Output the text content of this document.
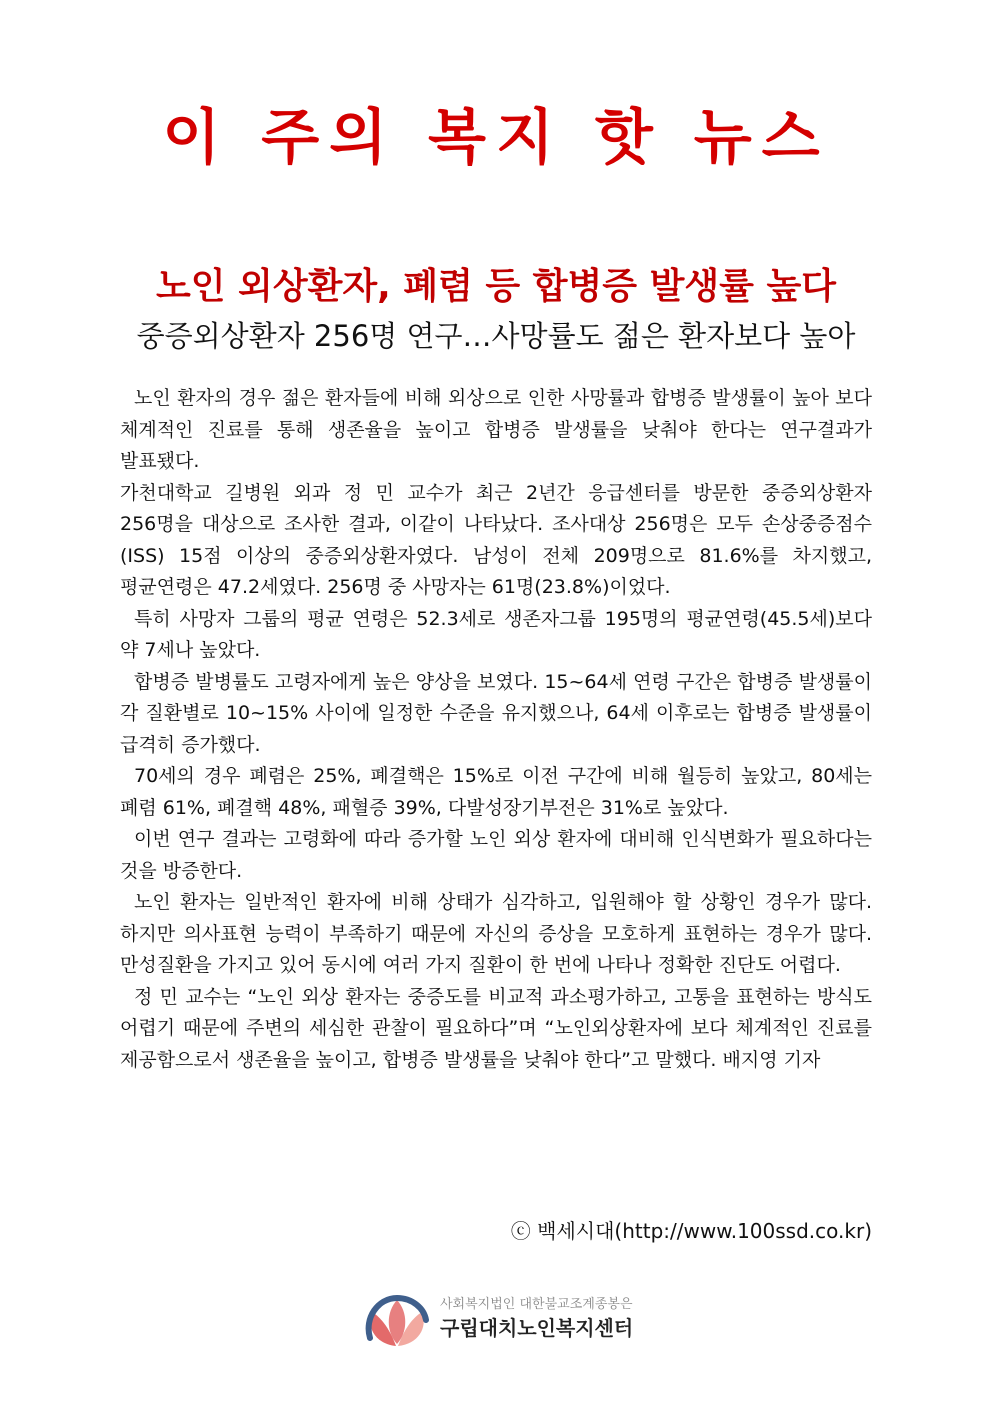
이 주의 복지 핫 뉴스
노인 외상환자, 폐렴 등 합병증 발생률 높다
중증외상환자 256명 연구…사망률도 젊은 환자보다 높아

노인 환자의 경우 젊은 환자들에 비해 외상으로 인한 사망률과 합병증 발생률이 높아 보다 체계적인 진료를 통해 생존율을 높이고 합병증 발생률을 낮춰야 한다는 연구결과가 발표됐다.

가천대학교 길병원 외과 정 민 교수가 최근 2년간 응급센터를 방문한 중증외상환자 256명을 대상으로 조사한 결과, 이같이 나타났다. 조사대상 256명은 모두 손상중증점수(ISS) 15점 이상의 중증외상환자였다. 남성이 전체 209명으로 81.6%를 차지했고, 평균연령은 47.2세였다. 256명 중 사망자는 61명(23.8%)이었다.

특히 사망자 그룹의 평균 연령은 52.3세로 생존자그룹 195명의 평균연령(45.5세)보다 약 7세나 높았다.

합병증 발병률도 고령자에게 높은 양상을 보였다. 15~64세 연령 구간은 합병증 발생률이 각 질환별로 10~15% 사이에 일정한 수준을 유지했으나, 64세 이후로는 합병증 발생률이 급격히 증가했다.

70세의 경우 폐렴은 25%, 폐결핵은 15%로 이전 구간에 비해 월등히 높았고, 80세는 폐렴 61%, 폐결핵 48%, 패혈증 39%, 다발성장기부전은 31%로 높았다.

이번 연구 결과는 고령화에 따라 증가할 노인 외상 환자에 대비해 인식변화가 필요하다는 것을 방증한다.

노인 환자는 일반적인 환자에 비해 상태가 심각하고, 입원해야 할 상황인 경우가 많다. 하지만 의사표현 능력이 부족하기 때문에 자신의 증상을 모호하게 표현하는 경우가 많다. 만성질환을 가지고 있어 동시에 여러 가지 질환이 한 번에 나타나 정확한 진단도 어렵다.

정 민 교수는 “노인 외상 환자는 중증도를 비교적 과소평가하고, 고통을 표현하는 방식도 어렵기 때문에 주변의 세심한 관찰이 필요하다”며 “노인외상환자에 보다 체계적인 진료를 제공함으로서 생존율을 높이고, 합병증 발생률을 낮춰야 한다”고 말했다. 배지영 기자

ⓒ 백세시대(http://www.100ssd.co.kr)
사회복지법인 대한불교조계종봉은
구립대치노인복지센터
